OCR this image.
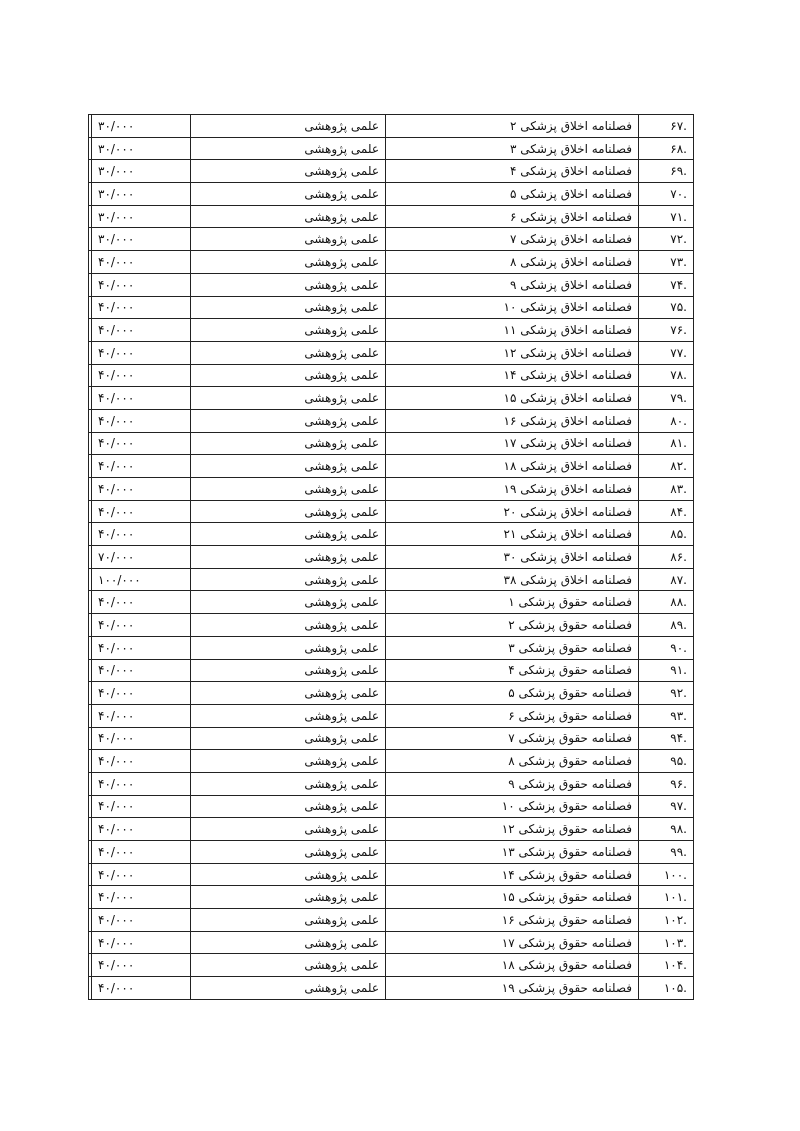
.۶۷	فصلنامه اخلاق پزشکی ۲	علمی پژوهشی	۳۰/۰۰۰	
.۶۸	فصلنامه اخلاق پزشکی ۳	علمی پژوهشی	۳۰/۰۰۰	
.۶۹	فصلنامه اخلاق پزشکی ۴	علمی پژوهشی	۳۰/۰۰۰	
.۷۰	فصلنامه اخلاق پزشکی ۵	علمی پژوهشی	۳۰/۰۰۰	
.۷۱	فصلنامه اخلاق پزشکی ۶	علمی پژوهشی	۳۰/۰۰۰	
.۷۲	فصلنامه اخلاق پزشکی ۷	علمی پژوهشی	۳۰/۰۰۰	
.۷۳	فصلنامه اخلاق پزشکی ۸	علمی پژوهشی	۴۰/۰۰۰	
.۷۴	فصلنامه اخلاق پزشکی ۹	علمی پژوهشی	۴۰/۰۰۰	
.۷۵	فصلنامه اخلاق پزشکی ۱۰	علمی پژوهشی	۴۰/۰۰۰	
.۷۶	فصلنامه اخلاق پزشکی ۱۱	علمی پژوهشی	۴۰/۰۰۰	
.۷۷	فصلنامه اخلاق پزشکی ۱۲	علمی پژوهشی	۴۰/۰۰۰	
.۷۸	فصلنامه اخلاق پزشکی ۱۴	علمی پژوهشی	۴۰/۰۰۰	
.۷۹	فصلنامه اخلاق پزشکی ۱۵	علمی پژوهشی	۴۰/۰۰۰	
.۸۰	فصلنامه اخلاق پزشکی ۱۶	علمی پژوهشی	۴۰/۰۰۰	
.۸۱	فصلنامه اخلاق پزشکی ۱۷	علمی پژوهشی	۴۰/۰۰۰	
.۸۲	فصلنامه اخلاق پزشکی ۱۸	علمی پژوهشی	۴۰/۰۰۰	
.۸۳	فصلنامه اخلاق پزشکی ۱۹	علمی پژوهشی	۴۰/۰۰۰	
.۸۴	فصلنامه اخلاق پزشکی ۲۰	علمی پژوهشی	۴۰/۰۰۰	
.۸۵	فصلنامه اخلاق پزشکی ۲۱	علمی پژوهشی	۴۰/۰۰۰	
.۸۶	فصلنامه اخلاق پزشکی ۳۰	علمی پژوهشی	۷۰/۰۰۰	
.۸۷	فصلنامه اخلاق پزشکی ۳۸	علمی پژوهشی	۱۰۰/۰۰۰	
.۸۸	فصلنامه حقوق پزشکی ۱	علمی پژوهشی	۴۰/۰۰۰	
.۸۹	فصلنامه حقوق پزشکی ۲	علمی پژوهشی	۴۰/۰۰۰	
.۹۰	فصلنامه حقوق پزشکی ۳	علمی پژوهشی	۴۰/۰۰۰	
.۹۱	فصلنامه حقوق پزشکی ۴	علمی پژوهشی	۴۰/۰۰۰	
.۹۲	فصلنامه حقوق پزشکی ۵	علمی پژوهشی	۴۰/۰۰۰	
.۹۳	فصلنامه حقوق پزشکی ۶	علمی پژوهشی	۴۰/۰۰۰	
.۹۴	فصلنامه حقوق پزشکی ۷	علمی پژوهشی	۴۰/۰۰۰	
.۹۵	فصلنامه حقوق پزشکی ۸	علمی پژوهشی	۴۰/۰۰۰	
.۹۶	فصلنامه حقوق پزشکی ۹	علمی پژوهشی	۴۰/۰۰۰	
.۹۷	فصلنامه حقوق پزشکی ۱۰	علمی پژوهشی	۴۰/۰۰۰	
.۹۸	فصلنامه حقوق پزشکی ۱۲	علمی پژوهشی	۴۰/۰۰۰	
.۹۹	فصلنامه حقوق پزشکی ۱۳	علمی پژوهشی	۴۰/۰۰۰	
.۱۰۰	فصلنامه حقوق پزشکی ۱۴	علمی پژوهشی	۴۰/۰۰۰	
.۱۰۱	فصلنامه حقوق پزشکی ۱۵	علمی پژوهشی	۴۰/۰۰۰	
.۱۰۲	فصلنامه حقوق پزشکی ۱۶	علمی پژوهشی	۴۰/۰۰۰	
.۱۰۳	فصلنامه حقوق پزشکی ۱۷	علمی پژوهشی	۴۰/۰۰۰	
.۱۰۴	فصلنامه حقوق پزشکی ۱۸	علمی پژوهشی	۴۰/۰۰۰	
.۱۰۵	فصلنامه حقوق پزشکی ۱۹	علمی پژوهشی	۴۰/۰۰۰	
